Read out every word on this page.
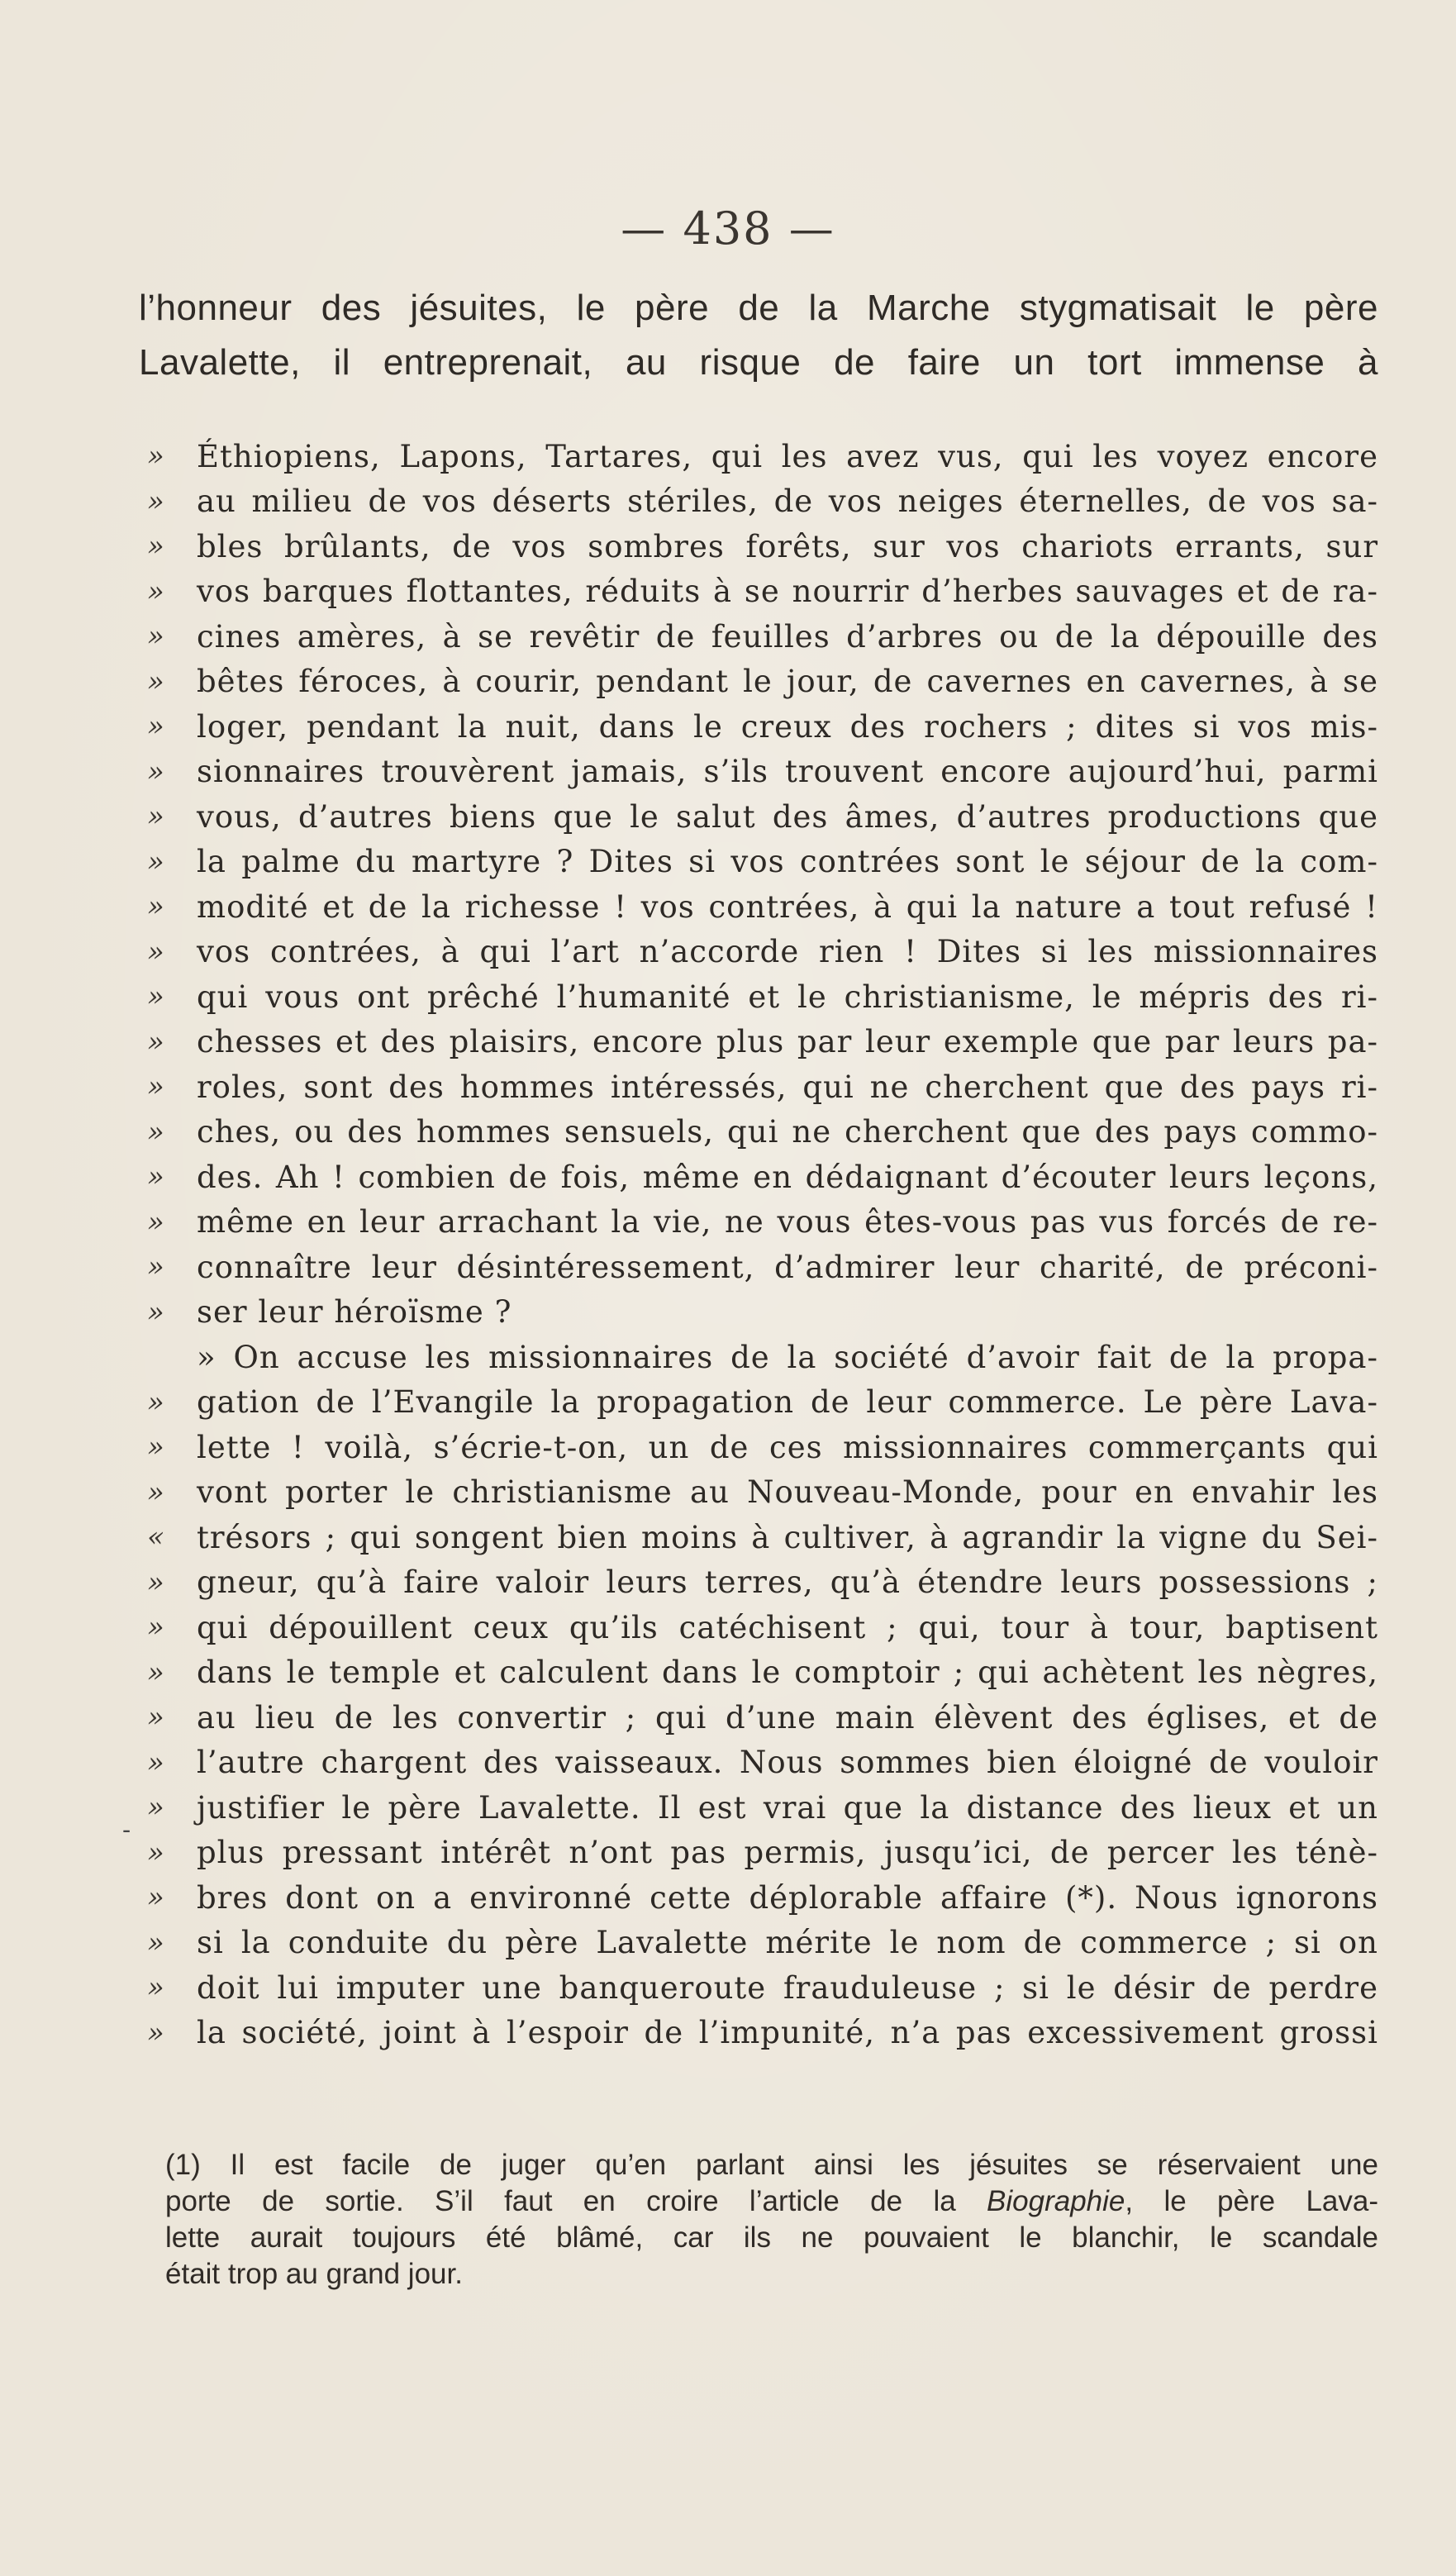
— 438 —
l’honneur des jésuites, le père de la Marche stygmatisait le père
Lavalette, il entreprenait, au risque de faire un tort immense à
-
»	Éthiopiens, Lapons, Tartares, qui les avez vus, qui les voyez encore
»	au milieu de vos déserts stériles, de vos neiges éternelles, de vos sa-
»	bles brûlants, de vos sombres forêts, sur vos chariots errants, sur
»	vos barques flottantes, réduits à se nourrir d’herbes sauvages et de ra-
»	cines amères, à se revêtir de feuilles d’arbres ou de la dépouille des
»	bêtes féroces, à courir, pendant le jour, de cavernes en cavernes, à se
»	loger, pendant la nuit, dans le creux des rochers ; dites si vos mis-
»	sionnaires trouvèrent jamais, s’ils trouvent encore aujourd’hui, parmi
»	vous, d’autres biens que le salut des âmes, d’autres productions que
»	la palme du martyre ? Dites si vos contrées sont le séjour de la com-
»	modité et de la richesse ! vos contrées, à qui la nature a tout refusé !
»	vos contrées, à qui l’art n’accorde rien ! Dites si les missionnaires
»	qui vous ont prêché l’humanité et le christianisme, le mépris des ri-
»	chesses et des plaisirs, encore plus par leur exemple que par leurs pa-
»	roles, sont des hommes intéressés, qui ne cherchent que des pays ri-
»	ches, ou des hommes sensuels, qui ne cherchent que des pays commo-
»	des. Ah ! combien de fois, même en dédaignant d’écouter leurs leçons,
»	même en leur arrachant la vie, ne vous êtes-vous pas vus forcés de re-
»	connaître leur désintéressement, d’admirer leur charité, de préconi-
»	ser leur héroïsme ?
» On accuse les missionnaires de la société d’avoir fait de la propa-
»	gation de l’Evangile la propagation de leur commerce. Le père Lava-
»	lette ! voilà, s’écrie-t-on, un de ces missionnaires commerçants qui
»	vont porter le christianisme au Nouveau-Monde, pour en envahir les
«	trésors ; qui songent bien moins à cultiver, à agrandir la vigne du Sei-
»	gneur, qu’à faire valoir leurs terres, qu’à étendre leurs possessions ;
»	qui dépouillent ceux qu’ils catéchisent ; qui, tour à tour, baptisent
»	dans le temple et calculent dans le comptoir ; qui achètent les nègres,
»	au lieu de les convertir ; qui d’une main élèvent des églises, et de
»	l’autre chargent des vaisseaux. Nous sommes bien éloigné de vouloir
»	justifier le père Lavalette. Il est vrai que la distance des lieux et un
»	plus pressant intérêt n’ont pas permis, jusqu’ici, de percer les ténè-
»	bres dont on a environné cette déplorable affaire (*). Nous ignorons
»	si la conduite du père Lavalette mérite le nom de commerce ; si on
»	doit lui imputer une banqueroute frauduleuse ; si le désir de perdre
»	la société, joint à l’espoir de l’impunité, n’a pas excessivement grossi
(1) Il est facile de juger qu’en parlant ainsi les jésuites se réservaient une
porte de sortie. S’il faut en croire l’article de la Biographie, le père Lava-
lette aurait toujours été blâmé, car ils ne pouvaient le blanchir, le scandale
était trop au grand jour.
